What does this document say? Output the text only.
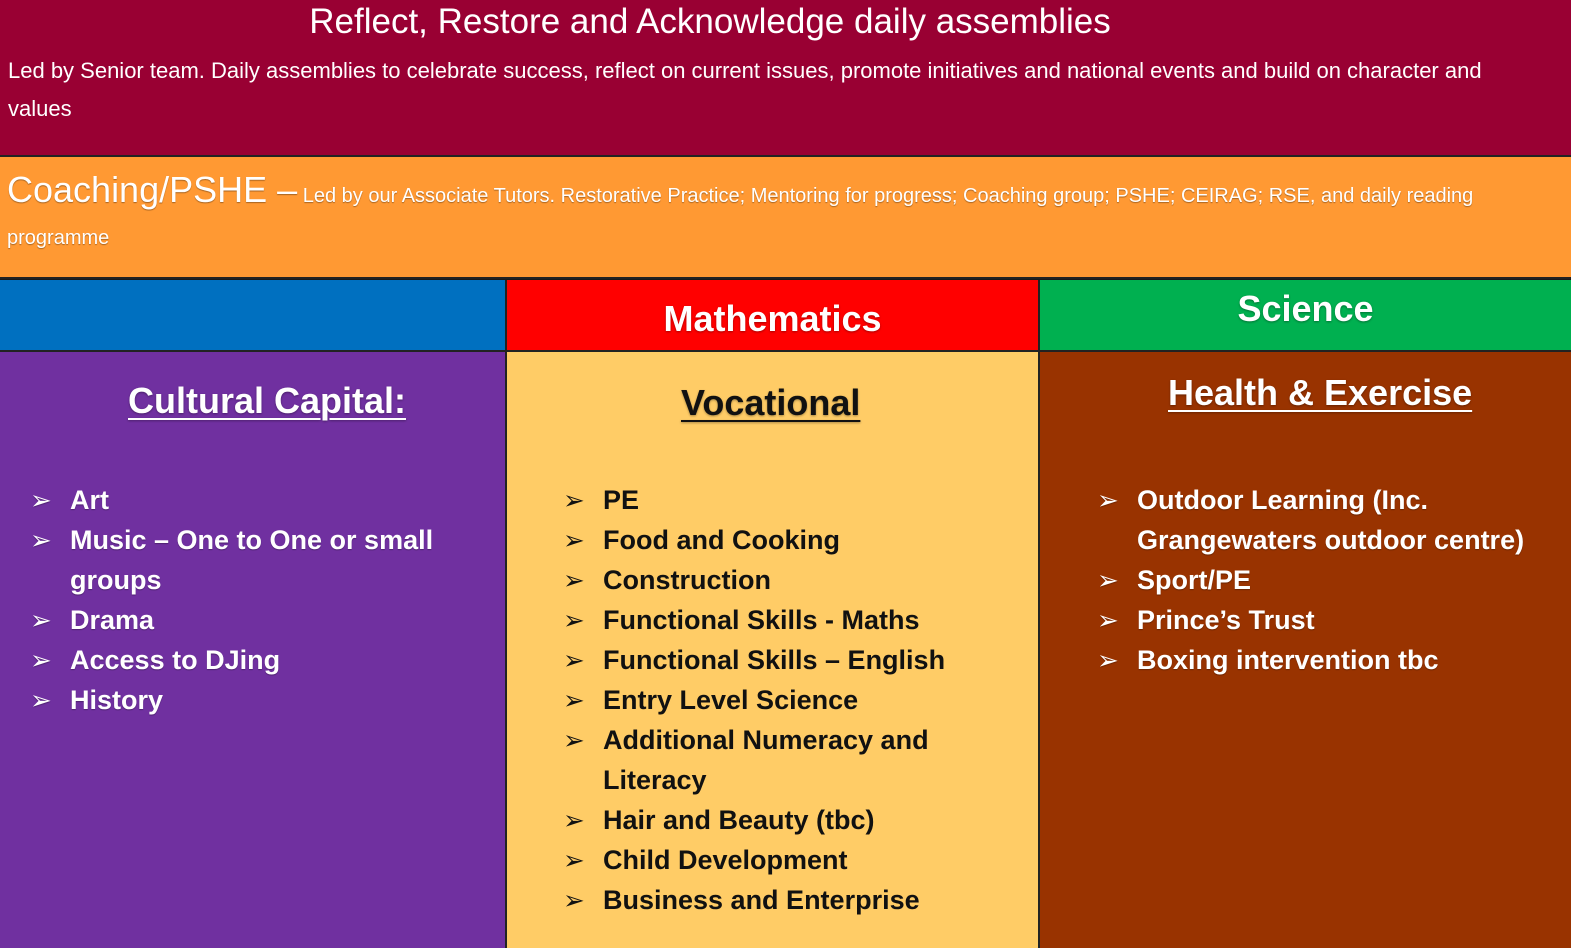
Reflect, Restore and Acknowledge daily assemblies
Led by Senior team. Daily assemblies to celebrate success, reflect on current issues, promote initiatives and national events and build on character and values
Coaching/PSHE – Led by our Associate Tutors. Restorative Practice; Mentoring for progress; Coaching group; PSHE; CEIRAG; RSE, and daily reading programme
Mathematics	Science
Cultural Capital:
➢ Art
➢ Music – One to One or small groups
➢ Drama
➢ Access to DJing
➢ History
Vocational
➢ PE
➢ Food and Cooking
➢ Construction
➢ Functional Skills - Maths
➢ Functional Skills – English
➢ Entry Level Science
➢ Additional Numeracy and Literacy
➢ Hair and Beauty (tbc)
➢ Child Development
➢ Business and Enterprise
Health & Exercise
➢ Outdoor Learning (Inc. Grangewaters outdoor centre)
➢ Sport/PE
➢ Prince’s Trust
➢ Boxing intervention tbc
